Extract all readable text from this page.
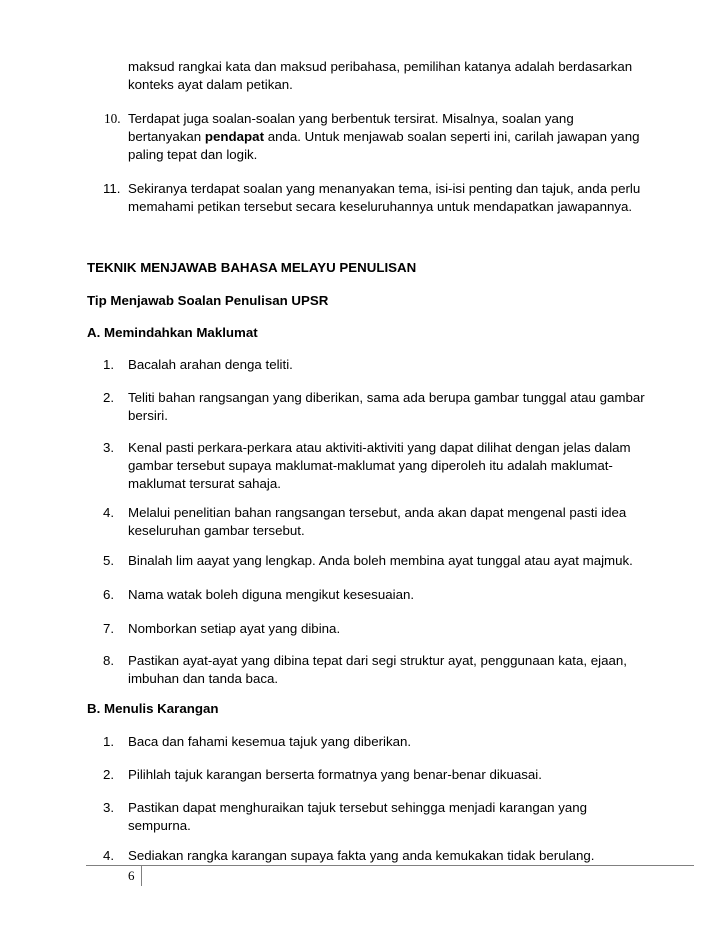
maksud rangkai kata dan maksud peribahasa, pemilihan katanya adalah berdasarkan
konteks ayat dalam petikan.
10. Terdapat juga soalan-soalan yang berbentuk tersirat. Misalnya, soalan yang
bertanyakan pendapat anda. Untuk menjawab soalan seperti ini, carilah jawapan yang
paling tepat dan logik.
11. Sekiranya terdapat soalan yang menanyakan tema, isi-isi penting dan tajuk, anda perlu
memahami petikan tersebut secara keseluruhannya untuk mendapatkan jawapannya.
TEKNIK MENJAWAB BAHASA MELAYU PENULISAN
Tip Menjawab Soalan Penulisan UPSR
A. Memindahkan Maklumat
1. Bacalah arahan denga teliti.
2. Teliti bahan rangsangan yang diberikan, sama ada berupa gambar tunggal atau gambar
bersiri.
3. Kenal pasti perkara-perkara atau aktiviti-aktiviti yang dapat dilihat dengan jelas dalam
gambar tersebut supaya maklumat-maklumat yang diperoleh itu adalah maklumat-
maklumat tersurat sahaja.
4. Melalui penelitian bahan rangsangan tersebut, anda akan dapat mengenal pasti idea
keseluruhan gambar tersebut.
5. Binalah lim aayat yang lengkap. Anda boleh membina ayat tunggal atau ayat majmuk.
6. Nama watak boleh diguna mengikut kesesuaian.
7. Nomborkan setiap ayat yang dibina.
8. Pastikan ayat-ayat yang dibina tepat dari segi struktur ayat, penggunaan kata, ejaan,
imbuhan dan tanda baca.
B. Menulis Karangan
1. Baca dan fahami kesemua tajuk yang diberikan.
2. Pilihlah tajuk karangan berserta formatnya yang benar-benar dikuasai.
3. Pastikan dapat menghuraikan tajuk tersebut sehingga menjadi karangan yang
sempurna.
4. Sediakan rangka karangan supaya fakta yang anda kemukakan tidak berulang.
6
